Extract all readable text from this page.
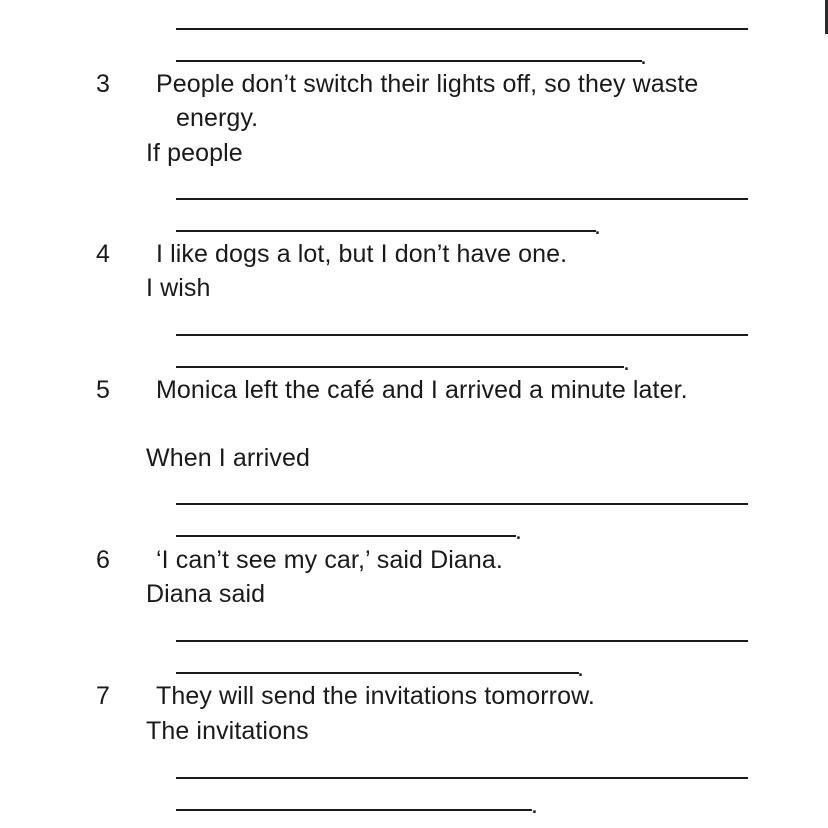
.
3 People don’t switch their lights off, so they waste
energy.
If people
.
4 I like dogs a lot, but I don’t have one.
I wish
.
5 Monica left the café and I arrived a minute later.
When I arrived
.
6 ‘I can’t see my car,’ said Diana.
Diana said
.
7 They will send the invitations tomorrow.
The invitations
.
